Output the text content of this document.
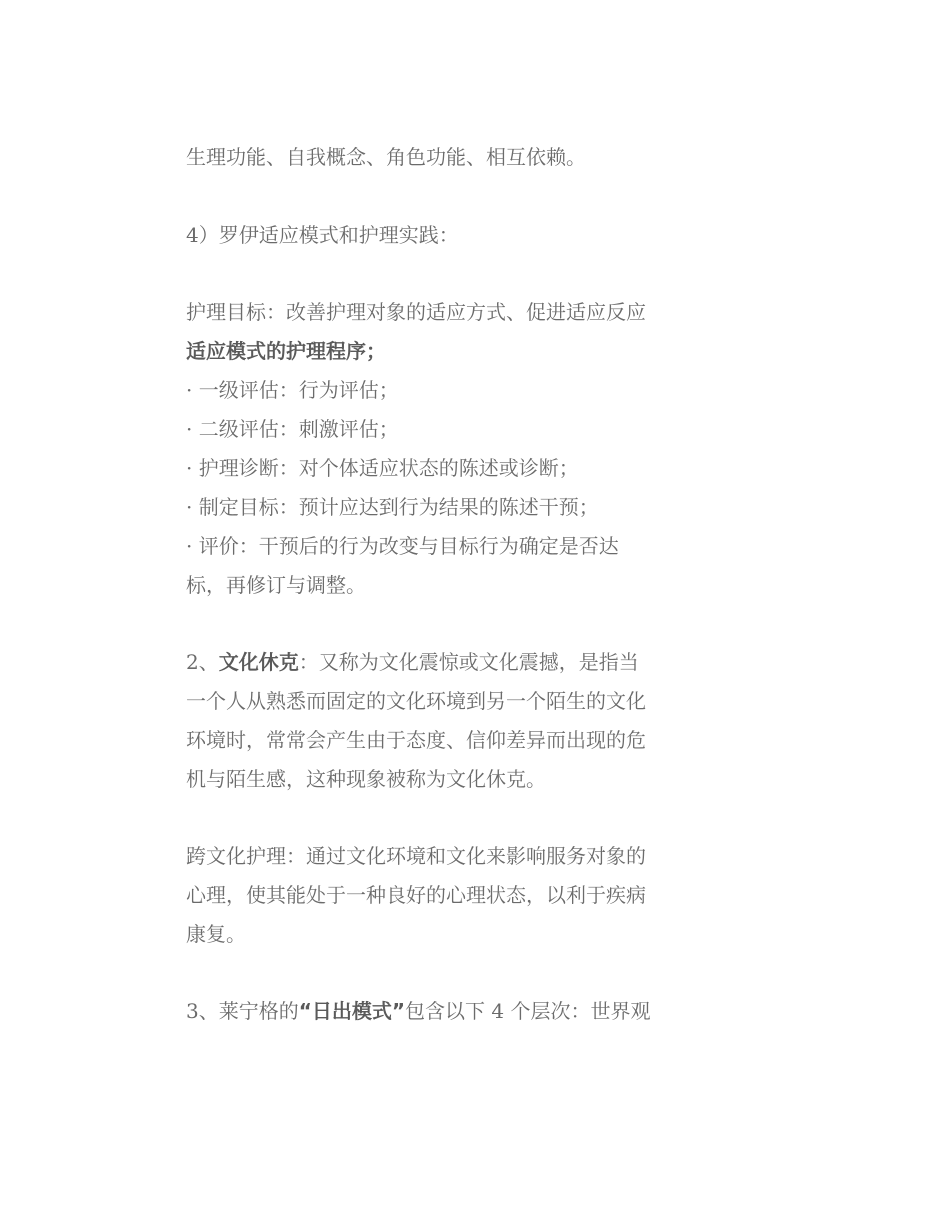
生理功能、自我概念、角色功能、相互依赖。
4）罗伊适应模式和护理实践：
护理目标：改善护理对象的适应方式、促进适应反应
适应模式的护理程序；
· 一级评估：行为评估；
· 二级评估：刺激评估；
· 护理诊断：对个体适应状态的陈述或诊断；
· 制定目标：预计应达到行为结果的陈述干预；
· 评价：干预后的行为改变与目标行为确定是否达
标，再修订与调整。
2、文化休克：又称为文化震惊或文化震撼，是指当
一个人从熟悉而固定的文化环境到另一个陌生的文化
环境时，常常会产生由于态度、信仰差异而出现的危
机与陌生感，这种现象被称为文化休克。
跨文化护理：通过文化环境和文化来影响服务对象的
心理，使其能处于一种良好的心理状态，以利于疾病
康复。
3、莱宁格的“日出模式”包含以下 4 个层次：世界观
